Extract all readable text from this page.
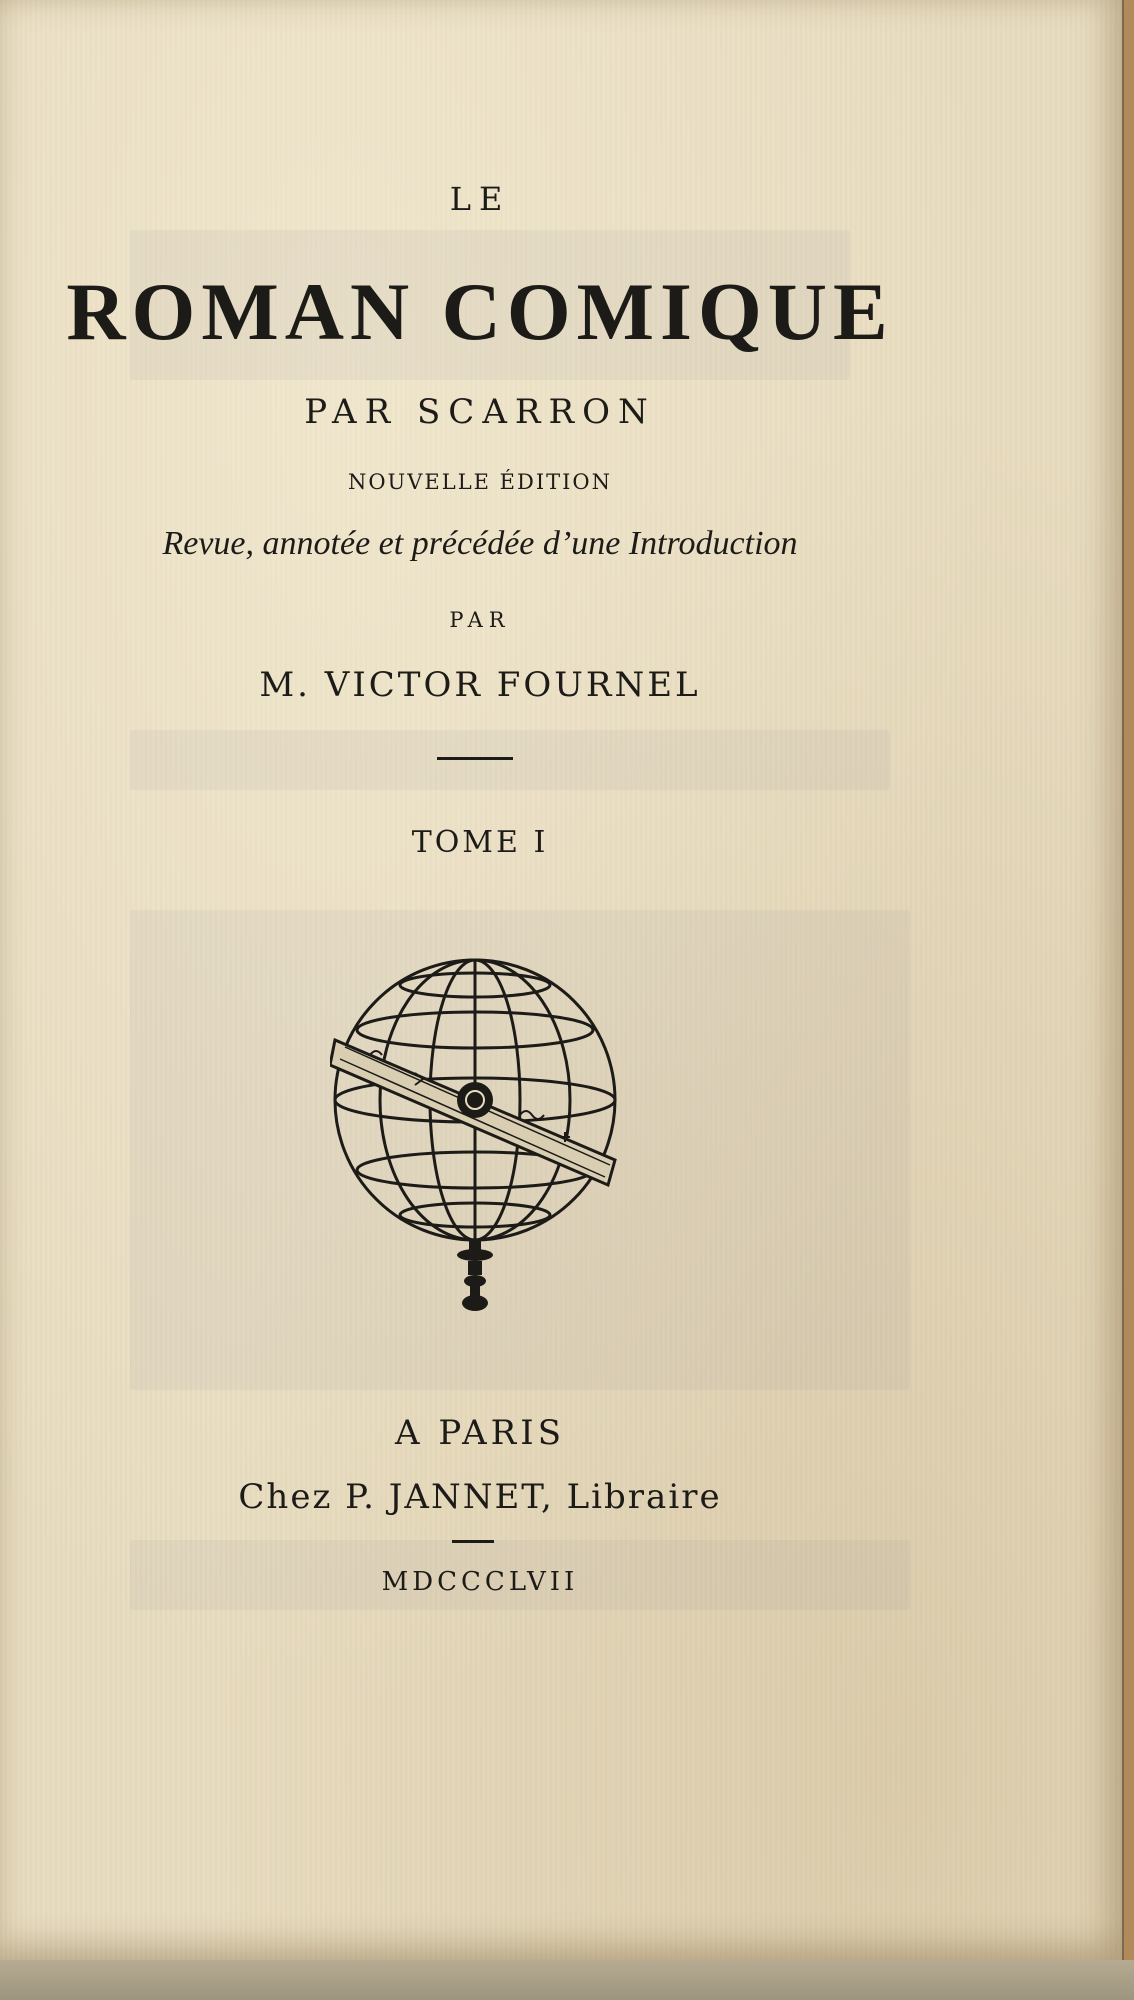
LE
ROMAN COMIQUE
PAR SCARRON
NOUVELLE ÉDITION
Revue, annotée et précédée d’une Introduction
PAR
M. VICTOR FOURNEL
TOME I
A PARIS
Chez P. JANNET, Libraire
MDCCCLVII
